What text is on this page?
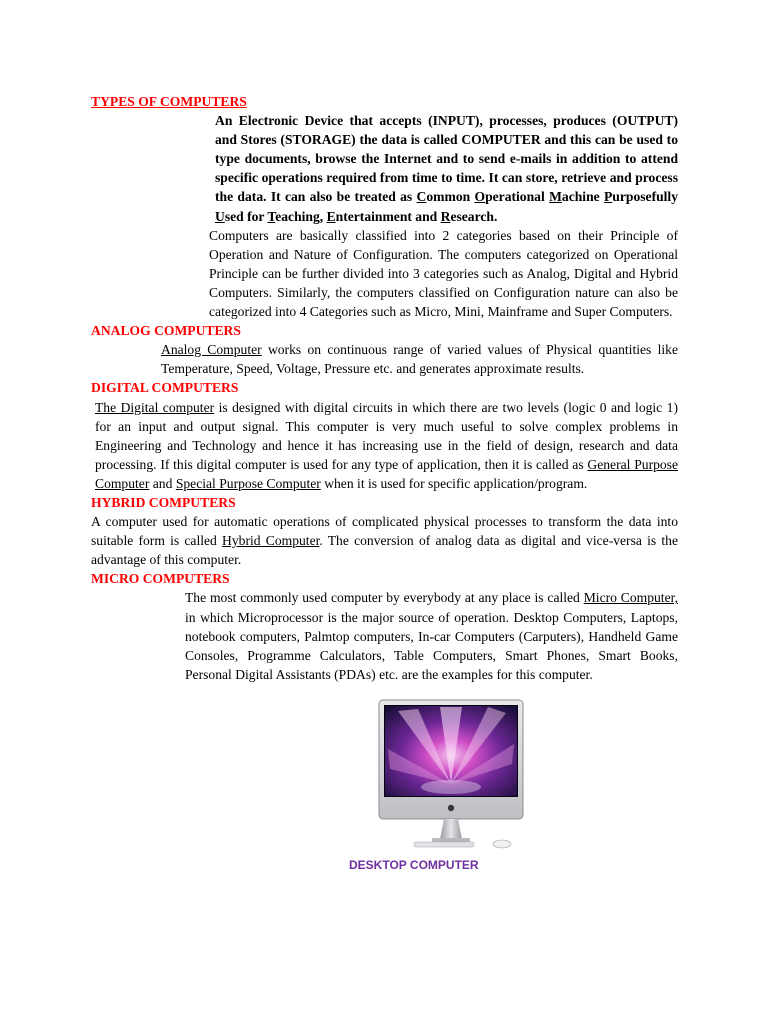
TYPES OF COMPUTERS

An Electronic Device that accepts (INPUT), processes, produces (OUTPUT) and Stores (STORAGE) the data is called COMPUTER and this can be used to type documents, browse the Internet and to send e-mails in addition to attend specific operations required from time to time. It can store, retrieve and process the data. It can also be treated as Common Operational Machine Purposefully Used for Teaching, Entertainment and Research.

Computers are basically classified into 2 categories based on their Principle of Operation and Nature of Configuration. The computers categorized on Operational Principle can be further divided into 3 categories such as Analog, Digital and Hybrid Computers. Similarly, the computers classified on Configuration nature can also be categorized into 4 Categories such as Micro, Mini, Mainframe and Super Computers.

ANALOG COMPUTERS

Analog Computer works on continuous range of varied values of Physical quantities like Temperature, Speed, Voltage, Pressure etc. and generates approximate results.

DIGITAL COMPUTERS

The Digital computer is designed with digital circuits in which there are two levels (logic 0 and logic 1) for an input and output signal. This computer is very much useful to solve complex problems in Engineering and Technology and hence it has increasing use in the field of design, research and data processing. If this digital computer is used for any type of application, then it is called as General Purpose Computer and Special Purpose Computer when it is used for specific application/program.

HYBRID COMPUTERS

A computer used for automatic operations of complicated physical processes to transform the data into suitable form is called Hybrid Computer. The conversion of analog data as digital and vice-versa is the advantage of this computer.

MICRO COMPUTERS

The most commonly used computer by everybody at any place is called Micro Computer, in which Microprocessor is the major source of operation. Desktop Computers, Laptops, notebook computers, Palmtop computers, In-car Computers (Carputers), Handheld Game Consoles, Programme Calculators, Table Computers, Smart Phones, Smart Books, Personal Digital Assistants (PDAs) etc. are the examples for this computer.

DESKTOP COMPUTER
